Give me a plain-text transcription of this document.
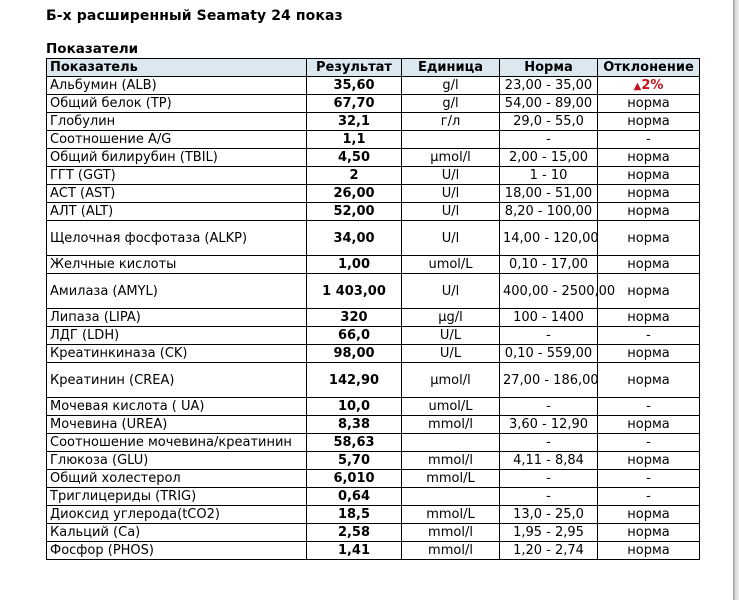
Б-х расширенный Seamaty 24 показ
Показатели
Показатель	Результат	Единица	Норма	Отклонение
Альбумин (ALB)	35,60	g/l	23,00 - 35,00	▲2%
Общий белок (TP)	67,70	g/l	54,00 - 89,00	норма
Глобулин	32,1	г/л	29,0 - 55,0	норма
Соотношение A/G	1,1		-	-
Общий билирубин (TBIL)	4,50	µmol/l	2,00 - 15,00	норма
ГГТ (GGT)	2	U/l	1 - 10	норма
АСТ (AST)	26,00	U/l	18,00 - 51,00	норма
АЛТ (ALT)	52,00	U/l	8,20 - 100,00	норма
Щелочная фосфотаза (ALKP)	34,00	U/l	14,00 - 120,00	норма
Желчные кислоты	1,00	umol/L	0,10 - 17,00	норма
Амилаза (AMYL)	1 403,00	U/l	400,00 - 2500,00	норма
Липаза (LIPA)	320	µg/l	100 - 1400	норма
ЛДГ (LDH)	66,0	U/L	-	-
Креатинкиназа (CK)	98,00	U/L	0,10 - 559,00	норма
Креатинин (CREA)	142,90	µmol/l	27,00 - 186,00	норма
Мочевая кислота ( UA)	10,0	umol/L	-	-
Мочевина (UREA)	8,38	mmol/l	3,60 - 12,90	норма
Соотношение мочевина/креатинин	58,63		-	-
Глюкоза (GLU)	5,70	mmol/l	4,11 - 8,84	норма
Общий холестерол	6,010	mmol/L	-	-
Триглицериды (TRIG)	0,64		-	-
Диоксид углерода(tCO2)	18,5	mmol/L	13,0 - 25,0	норма
Кальций (Ca)	2,58	mmol/l	1,95 - 2,95	норма
Фосфор (PHOS)	1,41	mmol/l	1,20 - 2,74	норма
